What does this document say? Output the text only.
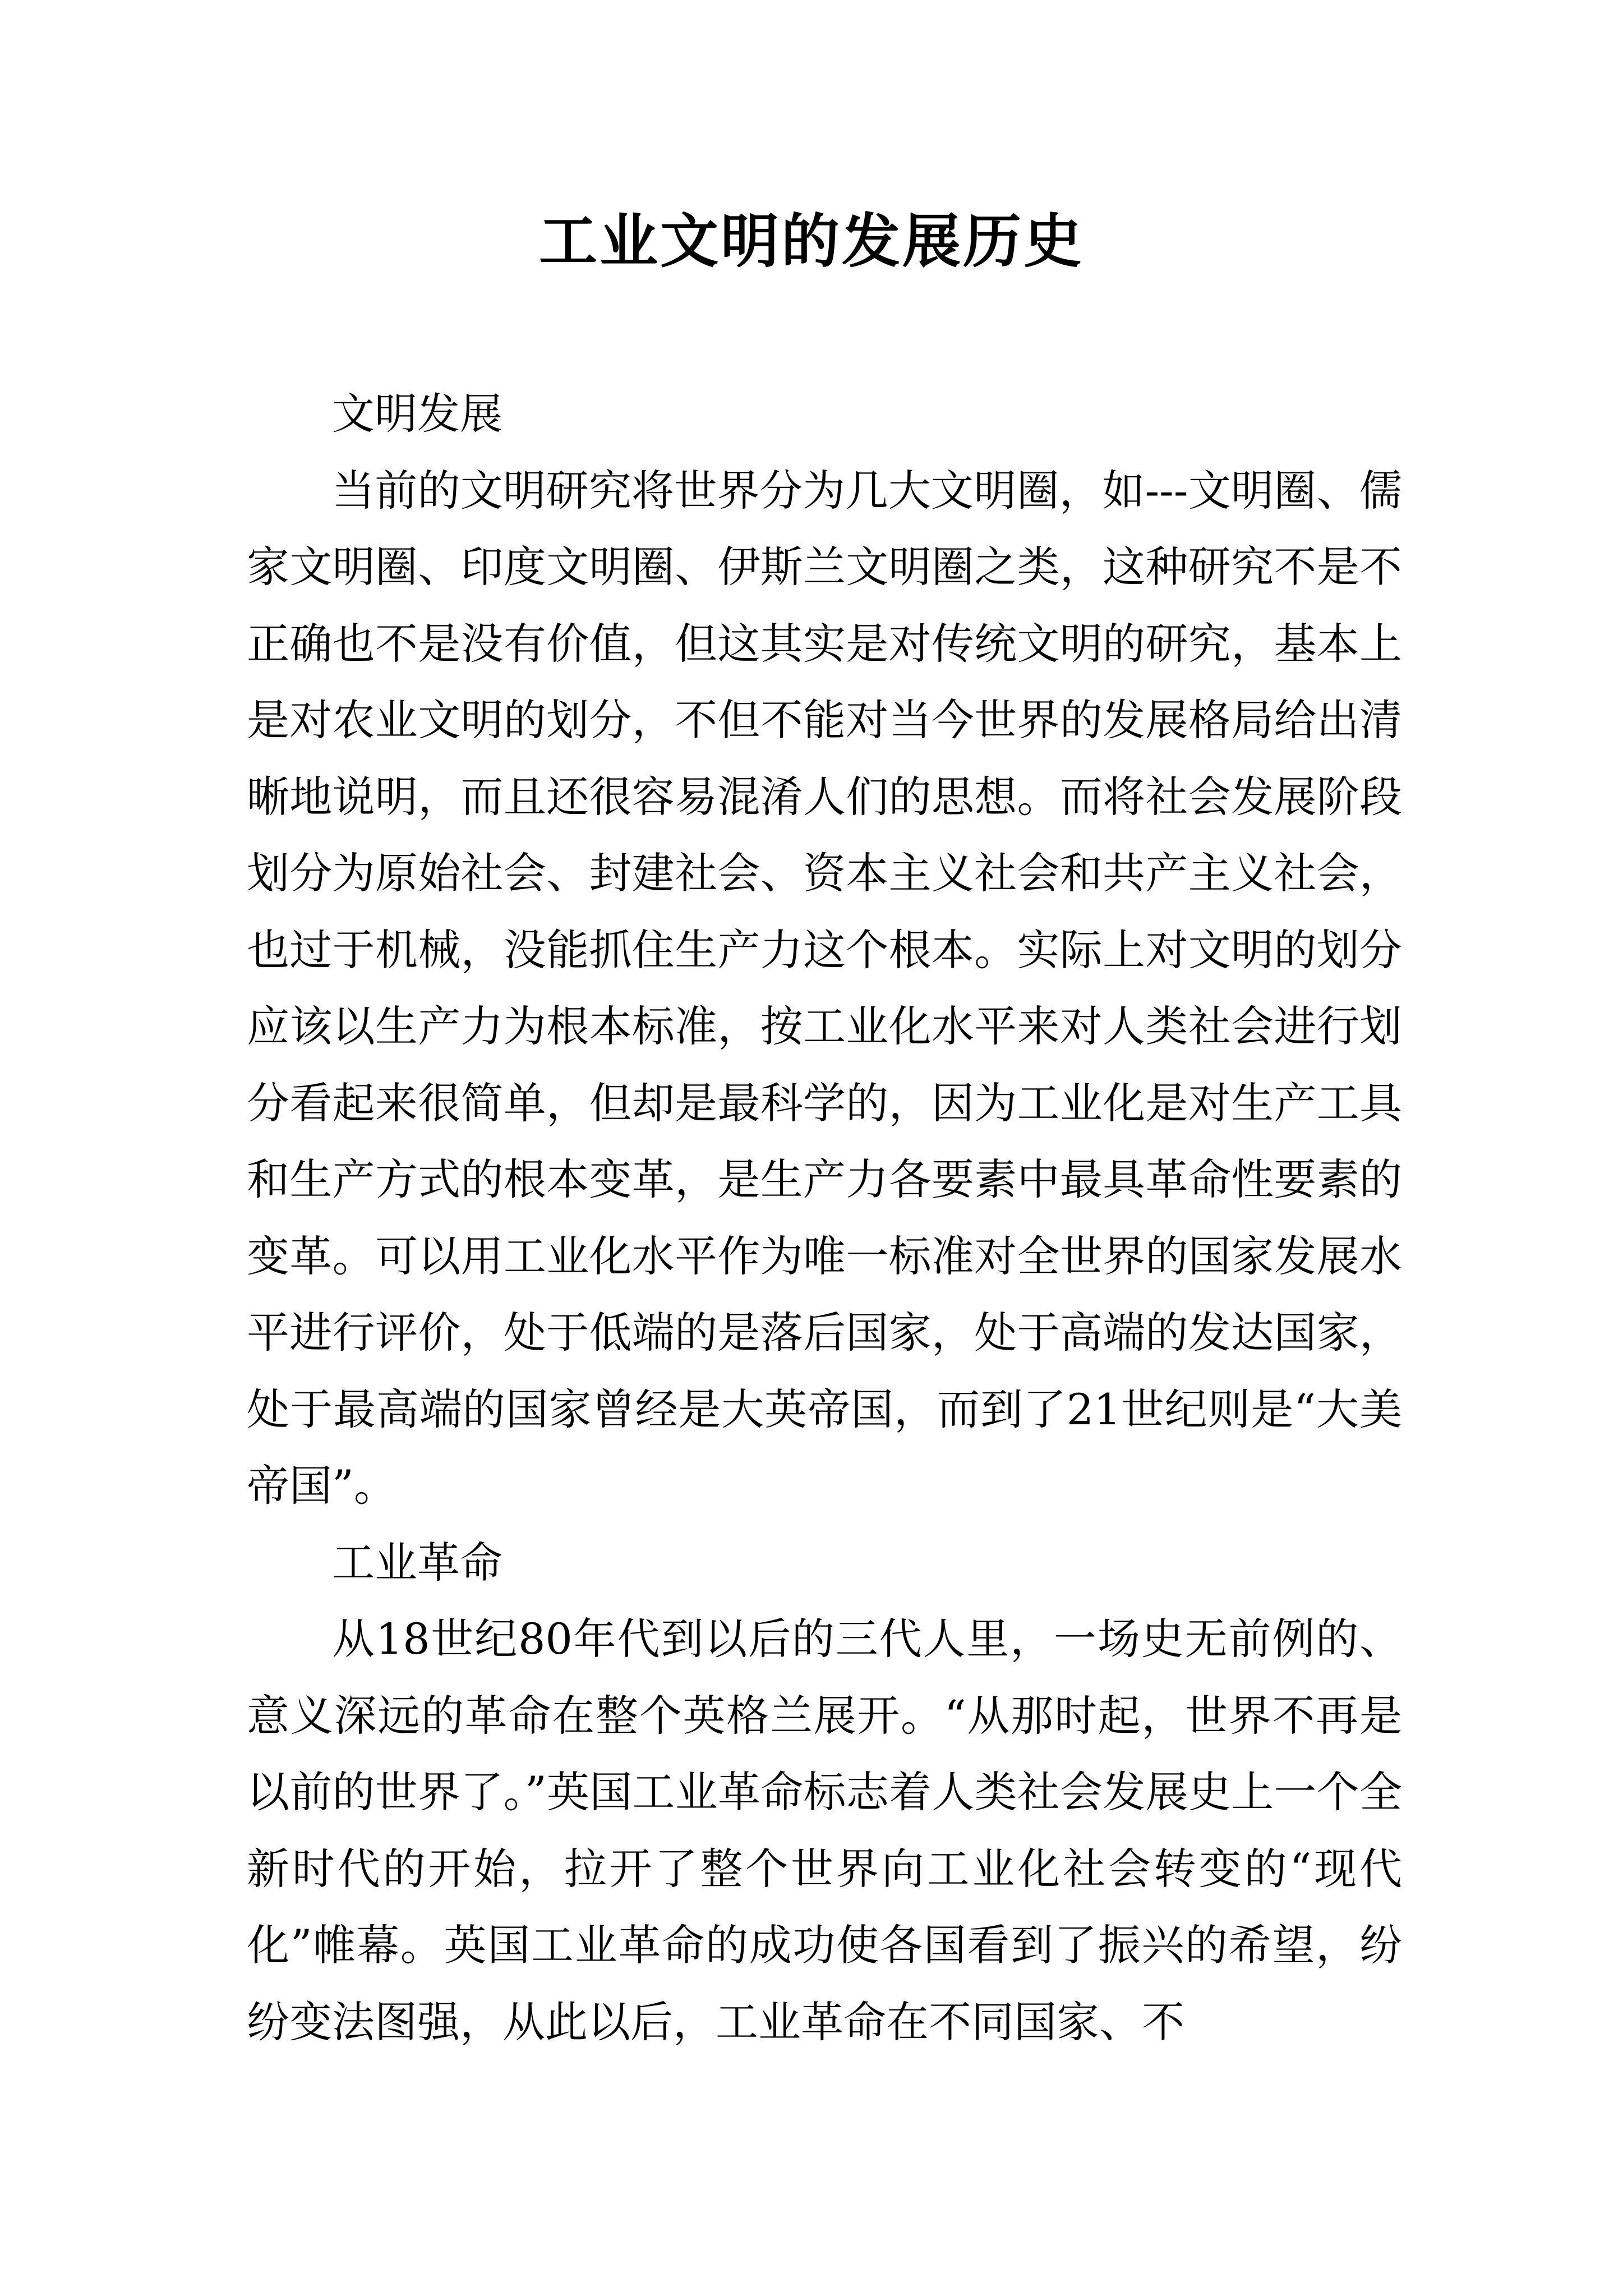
工业文明的发展历史

文明发展

当前的文明研究将世界分为几大文明圈，如---文明圈、儒家文明圈、印度文明圈、伊斯兰文明圈之类，这种研究不是不正确也不是没有价值，但这其实是对传统文明的研究，基本上是对农业文明的划分，不但不能对当今世界的发展格局给出清晰地说明，而且还很容易混淆人们的思想。而将社会发展阶段划分为原始社会、封建社会、资本主义社会和共产主义社会，也过于机械，没能抓住生产力这个根本。实际上对文明的划分应该以生产力为根本标准，按工业化水平来对人类社会进行划分看起来很简单，但却是最科学的，因为工业化是对生产工具和生产方式的根本变革，是生产力各要素中最具革命性要素的变革。可以用工业化水平作为唯一标准对全世界的国家发展水平进行评价，处于低端的是落后国家，处于高端的发达国家，处于最高端的国家曾经是大英帝国，而到了21世纪则是“大美帝国”。

工业革命

从18世纪80年代到以后的三代人里，一场史无前例的、意义深远的革命在整个英格兰展开。“从那时起，世界不再是以前的世界了。”英国工业革命标志着人类社会发展史上一个全新时代的开始，拉开了整个世界向工业化社会转变的“现代化”帷幕。英国工业革命的成功使各国看到了振兴的希望，纷纷变法图强，从此以后，工业革命在不同国家、不
